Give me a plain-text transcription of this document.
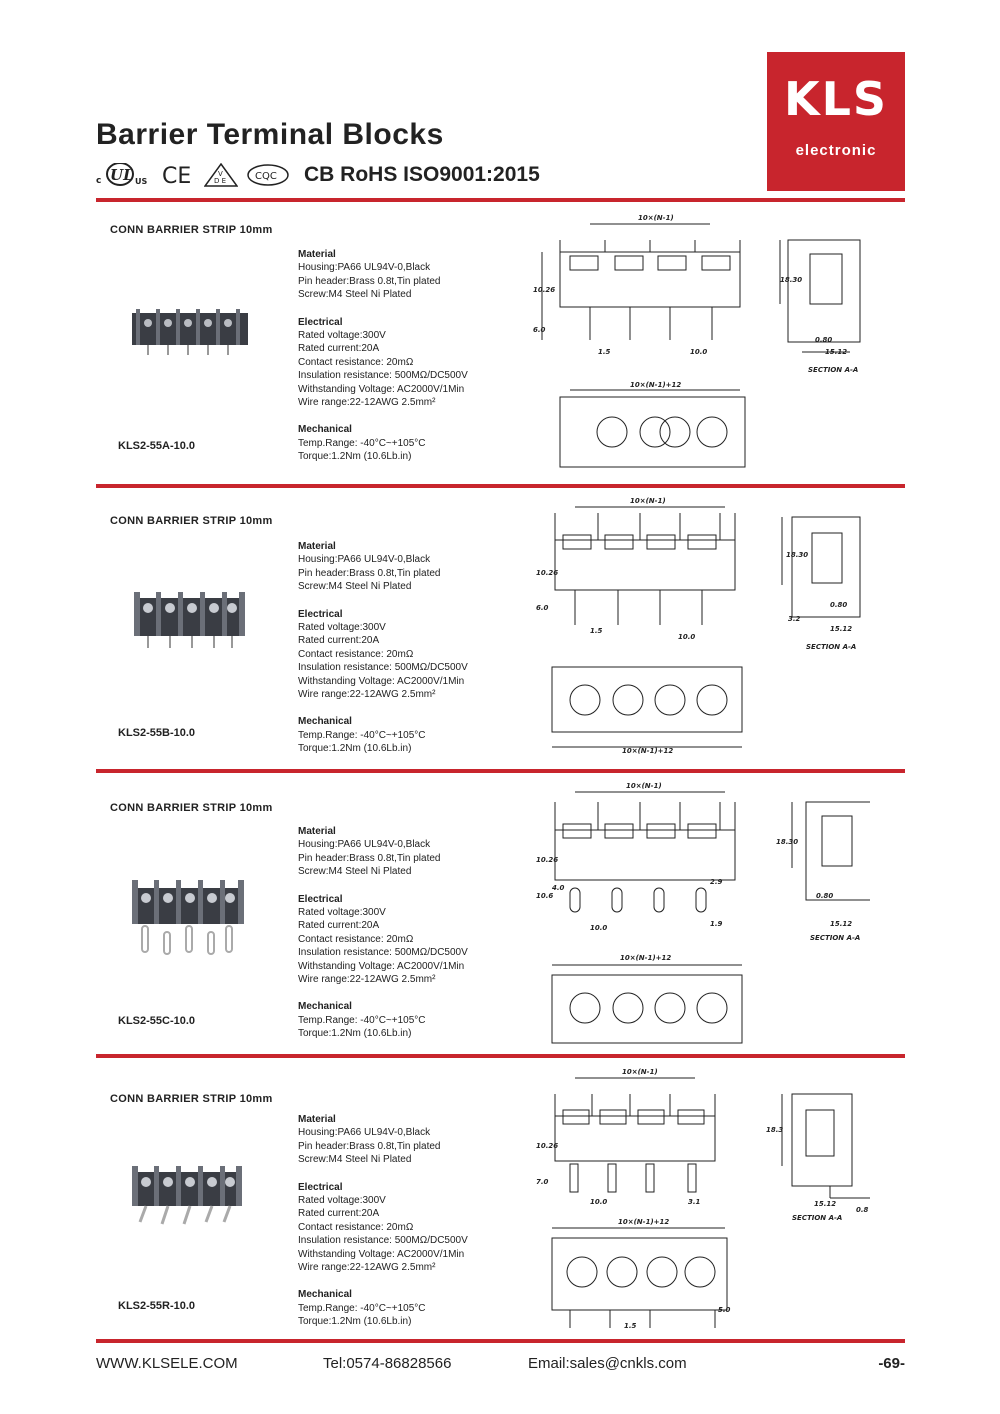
KLS
electronic
Barrier Terminal Blocks
c UL US CE	D E
V	CQC CB RoHS ISO9001:2015
CONN BARRIER STRIP 10mm
Material
Housing:PA66 UL94V-0,Black
Pin header:Brass 0.8t,Tin plated
Screw:M4 Steel Ni Plated
Electrical
Rated voltage:300V
Rated current:20A
Contact resistance: 20mΩ
Insulation resistance: 500MΩ/DC500V
Withstanding Voltage: AC2000V/1Min
Wire range:22-12AWG 2.5mm²
Mechanical
Temp.Range: -40°C~+105°C
Torque:1.2Nm (10.6Lb.in)
KLS2-55A-10.0
10×(N-1)
10×(N-1)+12
10.26
6.0
1.5	10.0
18.30
0.80
15.12
SECTION A-A
CONN BARRIER STRIP 10mm
Material
Housing:PA66 UL94V-0,Black
Pin header:Brass 0.8t,Tin plated
Screw:M4 Steel Ni Plated
Electrical
Rated voltage:300V
Rated current:20A
Contact resistance: 20mΩ
Insulation resistance: 500MΩ/DC500V
Withstanding Voltage: AC2000V/1Min
Wire range:22-12AWG 2.5mm²
Mechanical
Temp.Range: -40°C~+105°C
Torque:1.2Nm (10.6Lb.in)
KLS2-55B-10.0
10×(N-1)
10×(N-1)+12
10.26
6.0
1.5
10.0
18.30
0.80
3.2
15.12
SECTION A-A
CONN BARRIER STRIP 10mm
Material
Housing:PA66 UL94V-0,Black
Pin header:Brass 0.8t,Tin plated
Screw:M4 Steel Ni Plated
Electrical
Rated voltage:300V
Rated current:20A
Contact resistance: 20mΩ
Insulation resistance: 500MΩ/DC500V
Withstanding Voltage: AC2000V/1Min
Wire range:22-12AWG 2.5mm²
Mechanical
Temp.Range: -40°C~+105°C
Torque:1.2Nm (10.6Lb.in)
KLS2-55C-10.0
10×(N-1)
10×(N-1)+12
10.26
10.6
4.0
10.0
2.9
1.9
18.30
0.80
15.12
SECTION A-A
CONN BARRIER STRIP 10mm
Material
Housing:PA66 UL94V-0,Black
Pin header:Brass 0.8t,Tin plated
Screw:M4 Steel Ni Plated
Electrical
Rated voltage:300V
Rated current:20A
Contact resistance: 20mΩ
Insulation resistance: 500MΩ/DC500V
Withstanding Voltage: AC2000V/1Min
Wire range:22-12AWG 2.5mm²
Mechanical
Temp.Range: -40°C~+105°C
Torque:1.2Nm (10.6Lb.in)
KLS2-55R-10.0
10×(N-1)
10×(N-1)+12
10.26
7.0
10.0	3.1
1.5
5.0
18.3
0.8
15.12
SECTION A-A
WWW.KLSELE.COM	Tel:0574-86828566	Email:sales@cnkls.com	-69-
